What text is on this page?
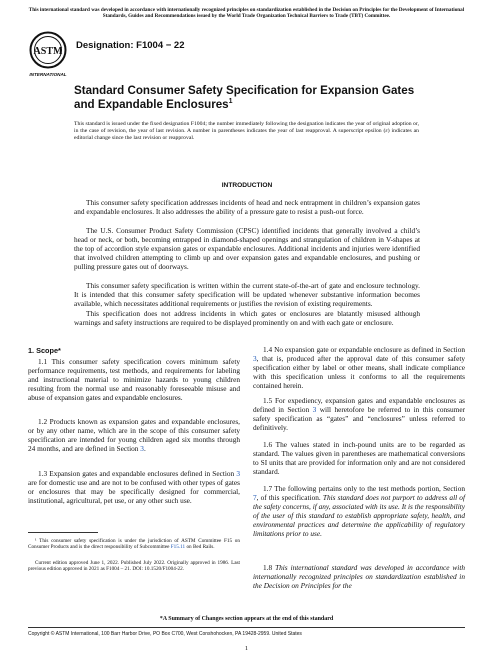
This international standard was developed in accordance with internationally recognized principles on standardization established in the Decision on Principles for the Development of International Standards, Guides and Recommendations issued by the World Trade Organization Technical Barriers to Trade (TBT) Committee.
ASTM
INTERNATIONAL
Designation: F1004 − 22
Standard Consumer Safety Specification for Expansion Gates and Expandable Enclosures$^1$
This standard is issued under the fixed designation F1004; the number immediately following the designation indicates the year of original adoption or, in the case of revision, the year of last revision. A number in parentheses indicates the year of last reapproval. A superscript epsilon (ε) indicates an editorial change since the last revision or reapproval.
INTRODUCTION

This consumer safety specification addresses incidents of head and neck entrapment in children’s expansion gates and expandable enclosures. It also addresses the ability of a pressure gate to resist a push-out force.

The U.S. Consumer Product Safety Commission (CPSC) identified incidents that generally involved a child’s head or neck, or both, becoming entrapped in diamond-shaped openings and strangulation of children in V-shapes at the top of accordion style expansion gates or expandable enclosures. Additional incidents and injuries were identified that involved children attempting to climb up and over expansion gates and expandable enclosures, and pushing or pulling pressure gates out of doorways.

This consumer safety specification is written within the current state-of-the-art of gate and enclosure technology. It is intended that this consumer safety specification will be updated whenever substantive information becomes available, which necessitates additional requirements or justifies the revision of existing requirements.

This specification does not address incidents in which gates or enclosures are blatantly misused although warnings and safety instructions are required to be displayed prominently on and with each gate or enclosure.

1. Scope*

1.1 This consumer safety specification covers minimum safety performance requirements, test methods, and requirements for labeling and instructional material to minimize hazards to young children resulting from the normal use and reasonably foreseeable misuse and abuse of expansion gates and expandable enclosures.

1.2 Products known as expansion gates and expandable enclosures, or by any other name, which are in the scope of this consumer safety specification are intended for young children aged six months through 24 months, and are defined in Section 3.

1.3 Expansion gates and expandable enclosures defined in Section 3 are for domestic use and are not to be confused with other types of gates or enclosures that may be specifically designed for commercial, institutional, agricultural, pet use, or any other such use.

¹ This consumer safety specification is under the jurisdiction of ASTM Committee F15 on Consumer Products and is the direct responsibility of Subcommittee F15.11 on Bed Rails.

Current edition approved June 1, 2022. Published July 2022. Originally approved in 1986. Last previous edition approved in 2021 as F1004 – 21. DOI: 10.1520/F1004-22.

1.4 No expansion gate or expandable enclosure as defined in Section 3, that is, produced after the approval date of this consumer safety specification either by label or other means, shall indicate compliance with this specification unless it conforms to all the requirements contained herein.

1.5 For expediency, expansion gates and expandable enclosures as defined in Section 3 will heretofore be referred to in this consumer safety specification as “gates” and “enclosures” unless referred to definitively.

1.6 The values stated in inch-pound units are to be regarded as standard. The values given in parentheses are mathematical conversions to SI units that are provided for information only and are not considered standard.

1.7 The following pertains only to the test methods portion, Section 7, of this specification. This standard does not purport to address all of the safety concerns, if any, associated with its use. It is the responsibility of the user of this standard to establish appropriate safety, health, and environmental practices and determine the applicability of regulatory limitations prior to use.

1.8 This international standard was developed in accordance with internationally recognized principles on standardization established in the Decision on Principles for the

*A Summary of Changes section appears at the end of this standard
Copyright © ASTM International, 100 Barr Harbor Drive, PO Box C700, West Conshohocken, PA 19428-2959. United States
1
